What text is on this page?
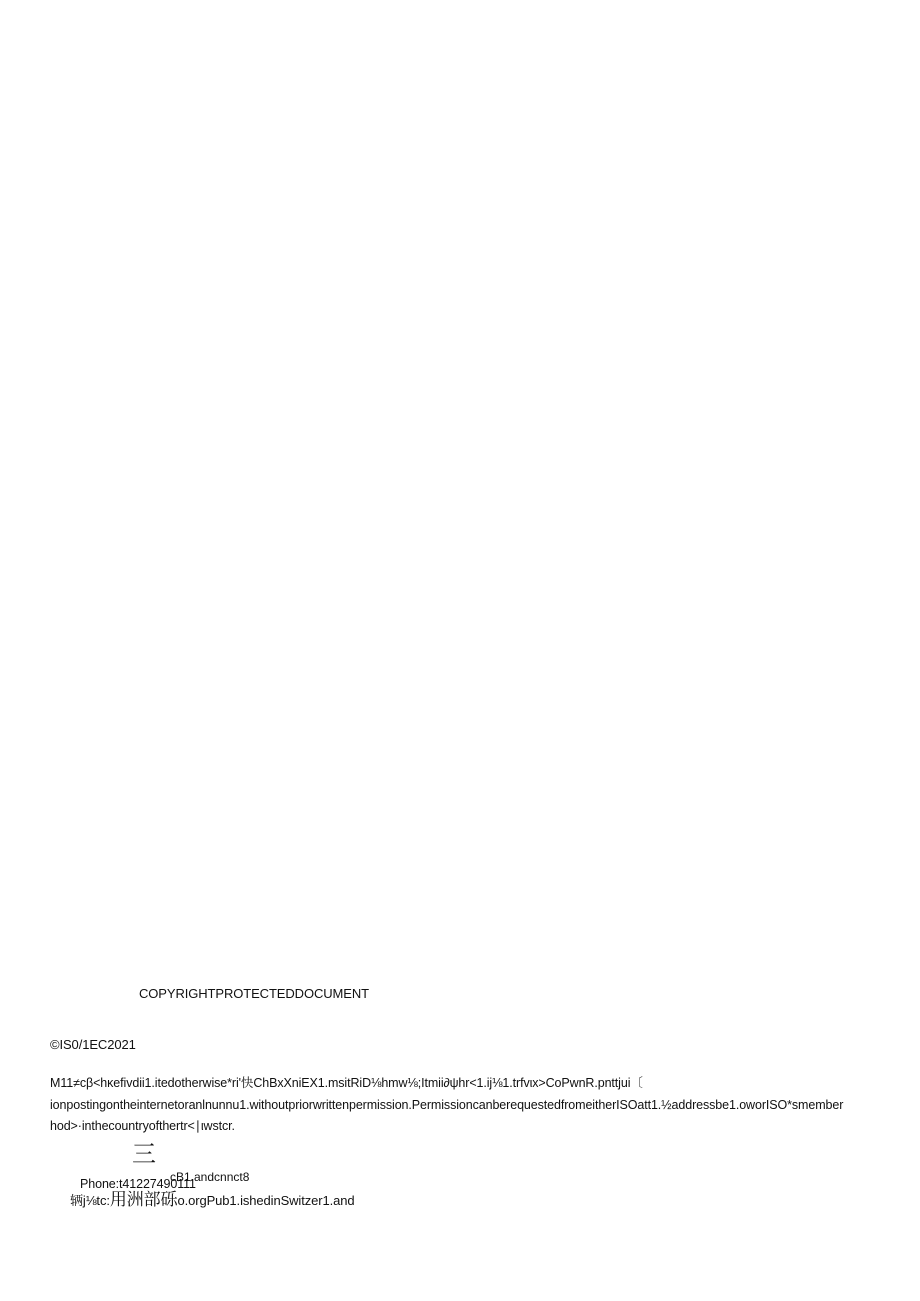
COPYRIGHTPROTECTEDDOCUMENT
©IS0/1EC2021
M11≠cβ<hκefivdii1.itedotherwise*ri'快ChBxXniEX1.msitRiD⅛hmw⅛;Itmii∂ψhr<1.ij⅛1.trfvιx>CoPwnR.pnttjui〔
ionpostingontheinternetoranlnunnu1.withoutpriorwrittenpermission.PermissioncanberequestedfromeitherISOatt1.½addressbe1.oworISO*smember
hod>·inthecountryofthertr<∣ιwstcr.
三
cB1.andcnnct8
Phone:t41227490111
辆j⅛tc:用洲部砾o.orgPub1.ishedinSwitzer1.and
